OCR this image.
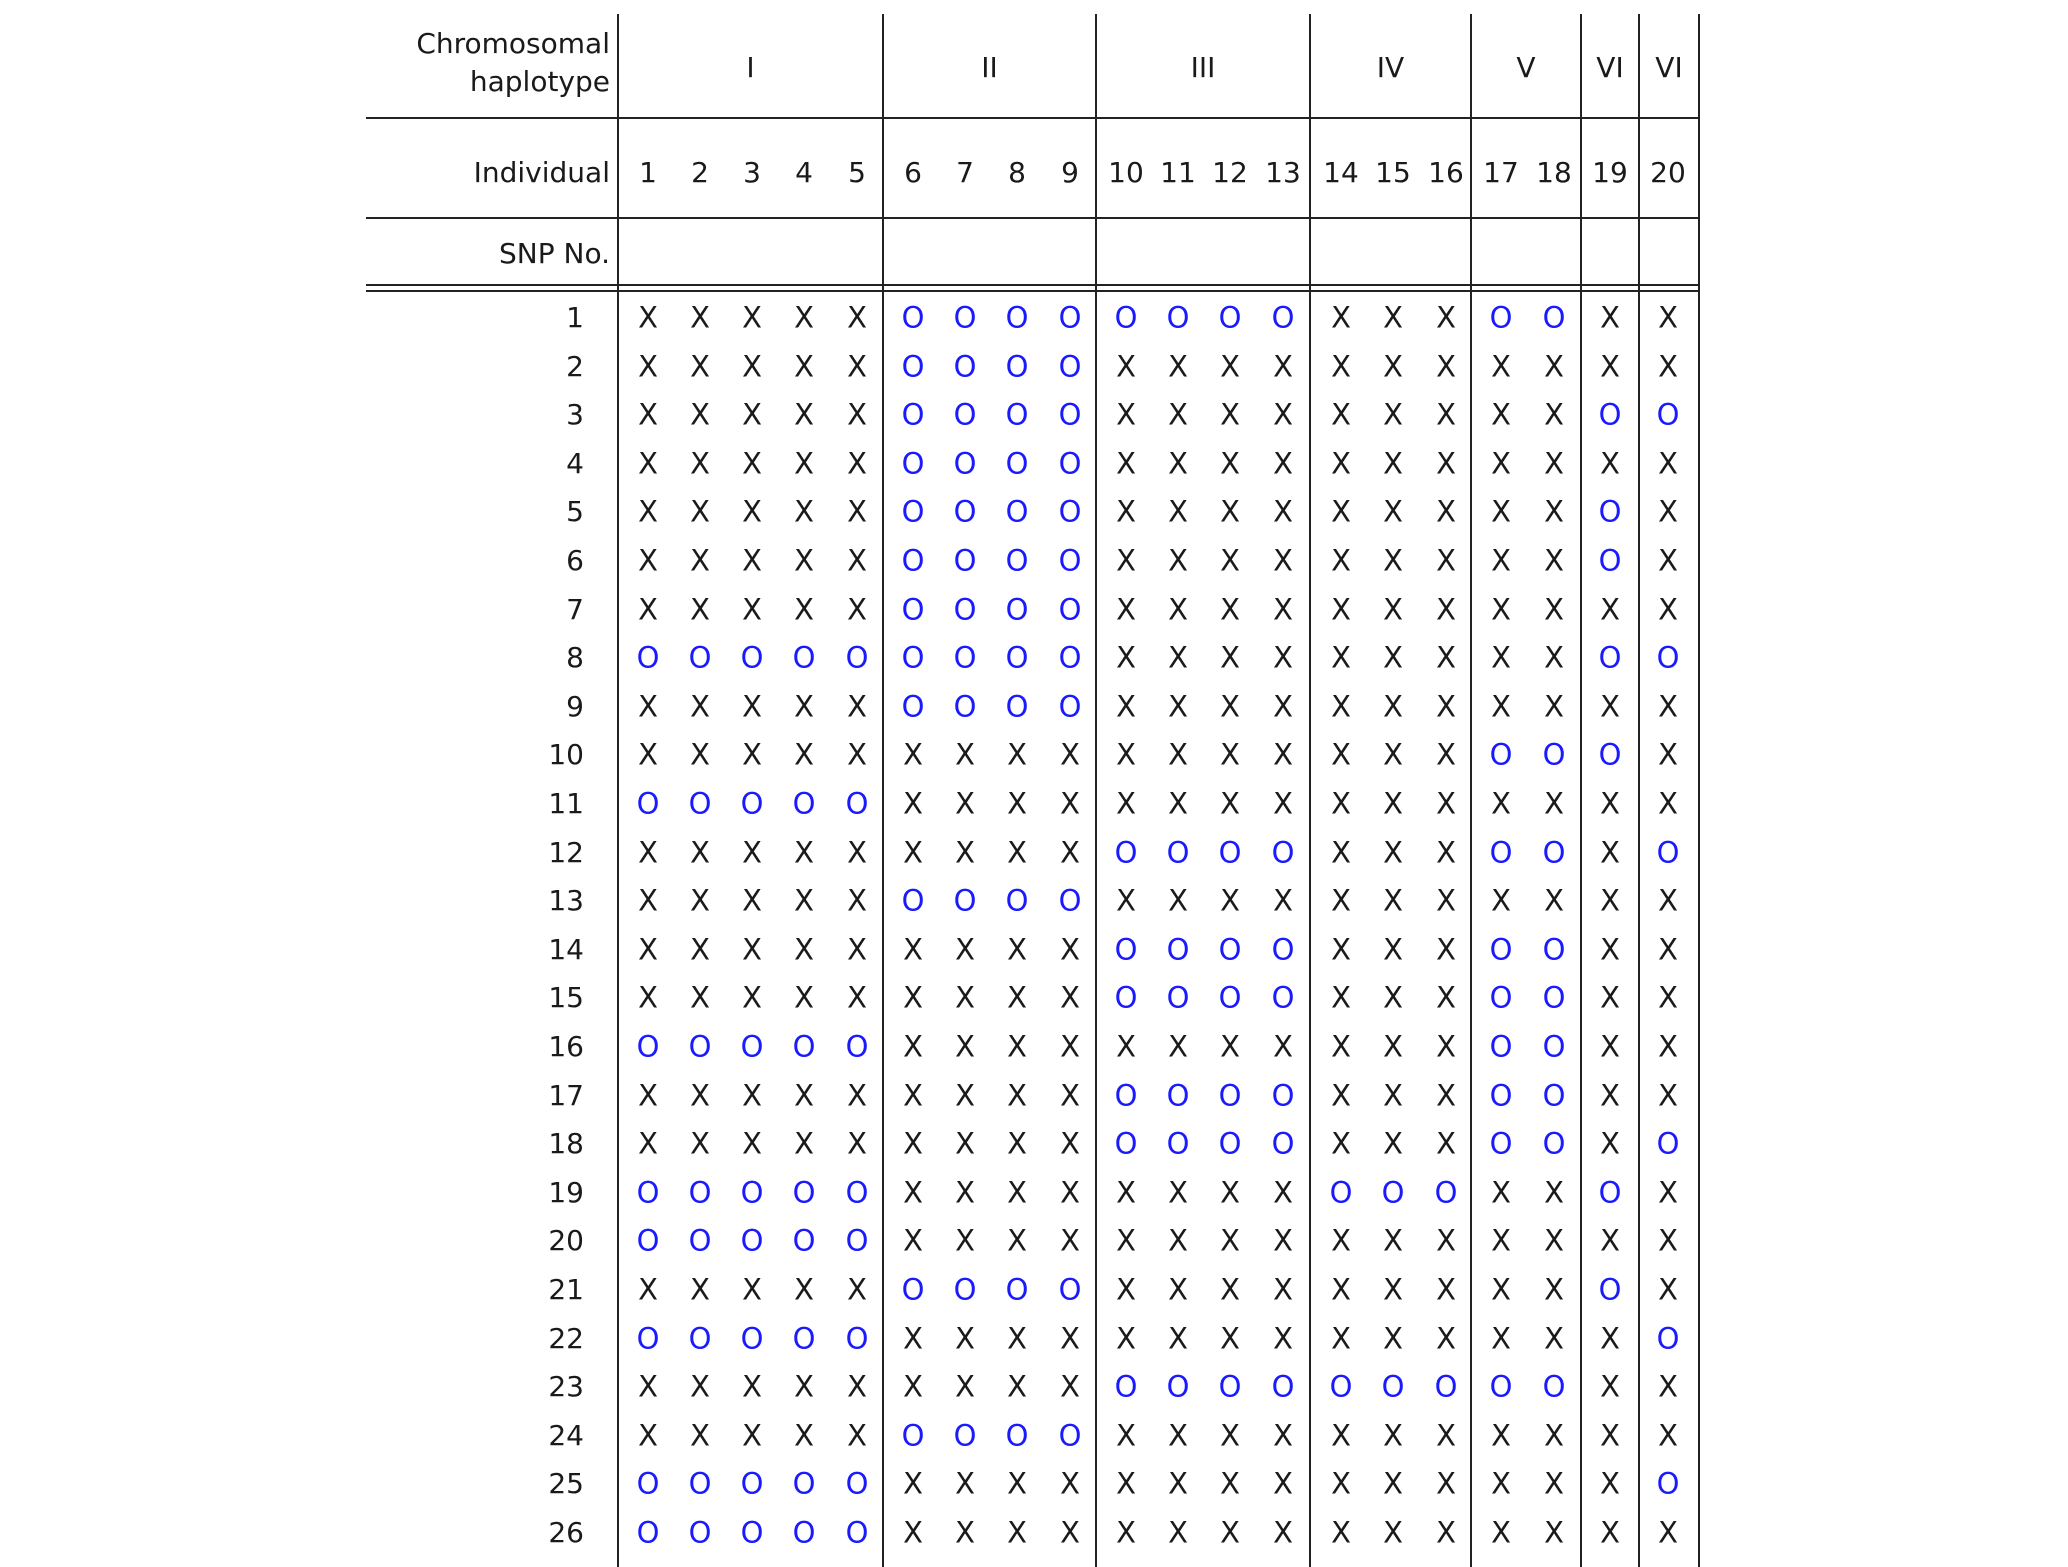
Chromosomal
haplotype
Individual
SNP No.
I
1 2 3 4 5
II
6 7 8 9
III
10 11 12 13
IV
14 15 16
V
17 18
VI
19
VI
20
1 X X X X X O O O O O O O O X X X O O X X
2 X X X X X O O O O X X X X X X X X X X X
3 X X X X X O O O O X X X X X X X X X O O
4 X X X X X O O O O X X X X X X X X X X X
5 X X X X X O O O O X X X X X X X X X O X
6 X X X X X O O O O X X X X X X X X X O X
7 X X X X X O O O O X X X X X X X X X X X
8 O O O O O O O O O X X X X X X X X X O O
9 X X X X X O O O O X X X X X X X X X X X
10 X X X X X X X X X X X X X X X X O O O X
11 O O O O O X X X X X X X X X X X X X X X
12 X X X X X X X X X O O O O X X X O O X O
13 X X X X X O O O O X X X X X X X X X X X
14 X X X X X X X X X O O O O X X X O O X X
15 X X X X X X X X X O O O O X X X O O X X
16 O O O O O X X X X X X X X X X X O O X X
17 X X X X X X X X X O O O O X X X O O X X
18 X X X X X X X X X O O O O X X X O O X O
19 O O O O O X X X X X X X X O O O X X O X
20 O O O O O X X X X X X X X X X X X X X X
21 X X X X X O O O O X X X X X X X X X O X
22 O O O O O X X X X X X X X X X X X X X O
23 X X X X X X X X X O O O O O O O O O X X
24 X X X X X O O O O X X X X X X X X X X X
25 O O O O O X X X X X X X X X X X X X X O
26 O O O O O X X X X X X X X X X X X X X X
